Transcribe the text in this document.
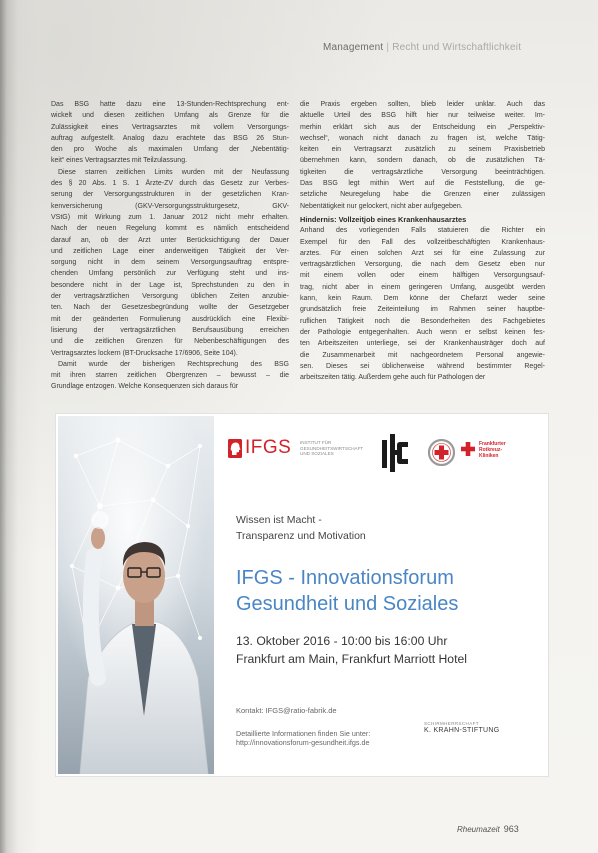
Management | Recht und Wirtschaftlichkeit
Das BSG hatte dazu eine 13-Stunden-Rechtsprechung ent-
wickelt und diesen zeitlichen Umfang als Grenze für die
Zulässigkeit eines Vertragsarztes mit vollem Versorgungs-
auftrag aufgestellt. Analog dazu erachtete das BSG 26 Stun-
den pro Woche als maximalen Umfang der „Nebentätig-
keit“ eines Vertragsarztes mit Teilzulassung.
Diese starren zeitlichen Limits wurden mit der Neufassung
des § 20 Abs. 1 S. 1 Ärzte-ZV durch das Gesetz zur Verbes-
serung der Versorgungsstrukturen in der gesetzlichen Kran-
kenversicherung (GKV-Versorgungsstrukturgesetz, GKV-
VStG) mit Wirkung zum 1. Januar 2012 nicht mehr erhalten.
Nach der neuen Regelung kommt es nämlich entscheidend
darauf an, ob der Arzt unter Berücksichtigung der Dauer
und zeitlichen Lage einer anderweitigen Tätigkeit der Ver-
sorgung nicht in dem seinem Versorgungsauftrag entspre-
chenden Umfang persönlich zur Verfügung steht und ins-
besondere nicht in der Lage ist, Sprechstunden zu den in
der vertragsärztlichen Versorgung üblichen Zeiten anzubie-
ten. Nach der Gesetzesbegründung wollte der Gesetzgeber
mit der geänderten Formulierung ausdrücklich eine Flexibi-
lisierung der vertragsärztlichen Berufsausübung erreichen
und die zeitlichen Grenzen für Nebenbeschäftigungen des
Vertragsarztes lockern (BT-Drucksache 17/6906, Seite 104).
Damit wurde der bisherigen Rechtsprechung des BSG
mit ihren starren zeitlichen Obergrenzen – bewusst – die
Grundlage entzogen. Welche Konsequenzen sich daraus für
die Praxis ergeben sollten, blieb leider unklar. Auch das
aktuelle Urteil des BSG hilft hier nur teilweise weiter. Im-
merhin erklärt sich aus der Entscheidung ein „Perspektiv-
wechsel“, wonach nicht danach zu fragen ist, welche Tätig-
keiten ein Vertragsarzt zusätzlich zu seinem Praxisbetrieb
übernehmen kann, sondern danach, ob die zusätzlichen Tä-
tigkeiten die vertragsärztliche Versorgung beeinträchtigen.
Das BSG legt mithin Wert auf die Feststellung, die ge-
setzliche Neuregelung habe die Grenzen einer zulässigen
Nebentätigkeit nur gelockert, nicht aber aufgegeben.
Hindernis: Vollzeitjob eines Krankenhausarztes
Anhand des vorliegenden Falls statuieren die Richter ein
Exempel für den Fall des vollzeitbeschäftigten Krankenhaus-
arztes. Für einen solchen Arzt sei für eine Zulassung zur
vertragsärztlichen Versorgung, die nach dem Gesetz eben nur
mit einem vollen oder einem hälftigen Versorgungsauf-
trag, nicht aber in einem geringeren Umfang, ausgeübt werden
kann, kein Raum. Dem könne der Chefarzt weder seine
grundsätzlich freie Zeiteinteilung im Rahmen seiner hauptbe-
ruflichen Tätigkeit noch die Besonderheiten des Fachgebietes
der Pathologie entgegenhalten. Auch wenn er selbst keinen fes-
ten Arbeitszeiten unterliege, sei der Krankenhausträger doch auf
die Zusammenarbeit mit nachgeordnetem Personal angewie-
sen. Dieses sei üblicherweise während bestimmter Regel-
arbeitszeiten tätig. Außerdem gehe auch für Pathologen der
IFGS INSTITUT FÜR
GESUNDHEITSWIRTSCHAFT
UND SOZIALES
Frankfurter
Rotkreuz-
Kliniken
Wissen ist Macht -
Transparenz und Motivation
IFGS - Innovationsforum
Gesundheit und Soziales
13. Oktober 2016 - 10:00 bis 16:00 Uhr
Frankfurt am Main, Frankfurt Marriott Hotel
Kontakt: IFGS@ratio-fabrik.de
Detaillierte Informationen finden Sie unter:
http://innovationsforum-gesundheit.ifgs.de
SCHIRMHERRSCHAFT
K. KRAHN-STIFTUNG
Rheumazeit 963
